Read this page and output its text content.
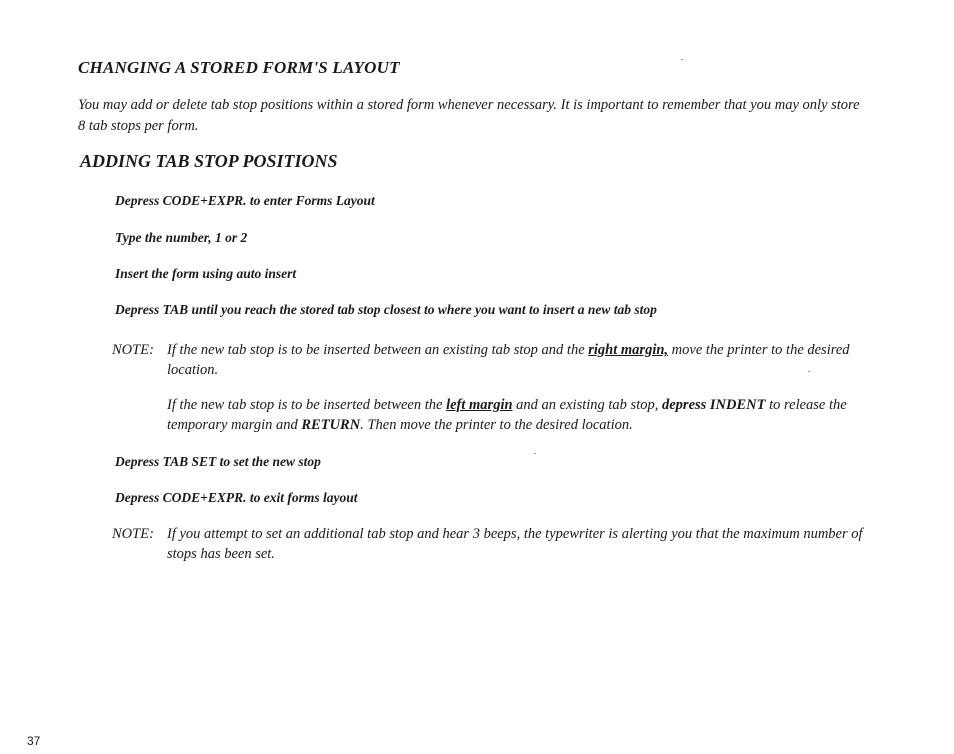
CHANGING A STORED FORM'S LAYOUT

You may add or delete tab stop positions within a stored form whenever necessary. It is important to remember that you may only store 8 tab stops per form.

ADDING TAB STOP POSITIONS

Depress CODE+EXPR. to enter Forms Layout

Type the number, 1 or 2

Insert the form using auto insert

Depress TAB until you reach the stored tab stop closest to where you want to insert a new tab stop

NOTE: If the new tab stop is to be inserted between an existing tab stop and the right margin, move the printer to the desired location.
If the new tab stop is to be inserted between the left margin and an existing tab stop, depress INDENT to release the temporary margin and RETURN. Then move the printer to the desired location.

Depress TAB SET to set the new stop

Depress CODE+EXPR. to exit forms layout

NOTE: If you attempt to set an additional tab stop and hear 3 beeps, the typewriter is alerting you that the maximum number of stops has been set.
37
